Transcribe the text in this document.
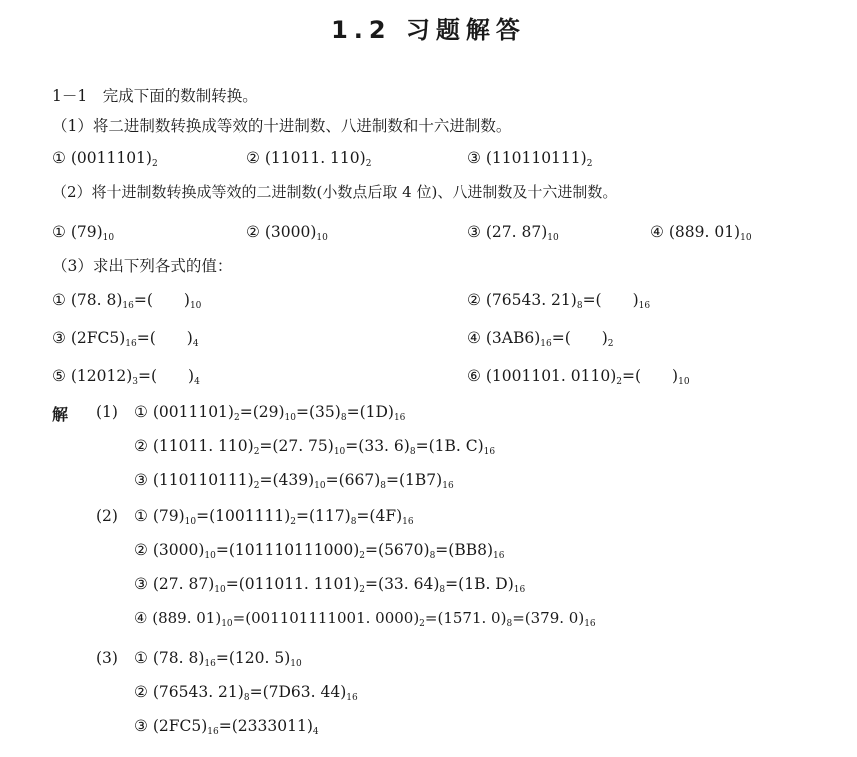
1.2 习题解答
1－1　完成下面的数制转换。
（1）将二进制数转换成等效的十进制数、八进制数和十六进制数。
① $(0011101)_2$	② (11011. $110)_2$	③ $(110110111)_2$
（2）将十进制数转换成等效的二进制数(小数点后取 4 位)、八进制数及十六进制数。
① $(79)_{10}$	② $(3000)_{10}$	③ (27. $87)_{10}$	④ (889. $01)_{10}$
（3）求出下列各式的值：
① (78. $8)_{16}=$(  )$_{10}$	② (76543. $21)_8=$(  )$_{16}$
③ $(2FC5)_{16}=$(  )$_4$	④ $(3AB6)_{16}=$(  )$_2$
⑤ $(12012)_3=$(  )$_4$	⑥ (1001101. $0110)_2=$(  )$_{10}$
解 (1) ① $(0011101)_2=(29)_{10}=(35)_8=(1D)_{16}$
② (11011. $110)_2=(27$. $75)_{10}=(33$. $6)_8=(1B$. $C)_{16}$
③ $(110110111)_2=(439)_{10}=(667)_8=(1B7)_{16}$
(2) ① $(79)_{10}=(1001111)_2=(117)_8=(4F)_{16}$
② $(3000)_{10}=(101110111000)_2=(5670)_8=(BB8)_{16}$
③ (27. $87)_{10}=(011011$. $1101)_2=(33$. $64)_8=(1B$. $D)_{16}$
④ (889. $01)_{10}=(001101111001$. $0000)_2=(1571$. $0)_8=(379$. $0)_{16}$
(3) ① (78. $8)_{16}=(120$. $5)_{10}$
② (76543. $21)_8=(7D63$. $44)_{16}$
③ $(2FC5)_{16}=(2333011)_4$
